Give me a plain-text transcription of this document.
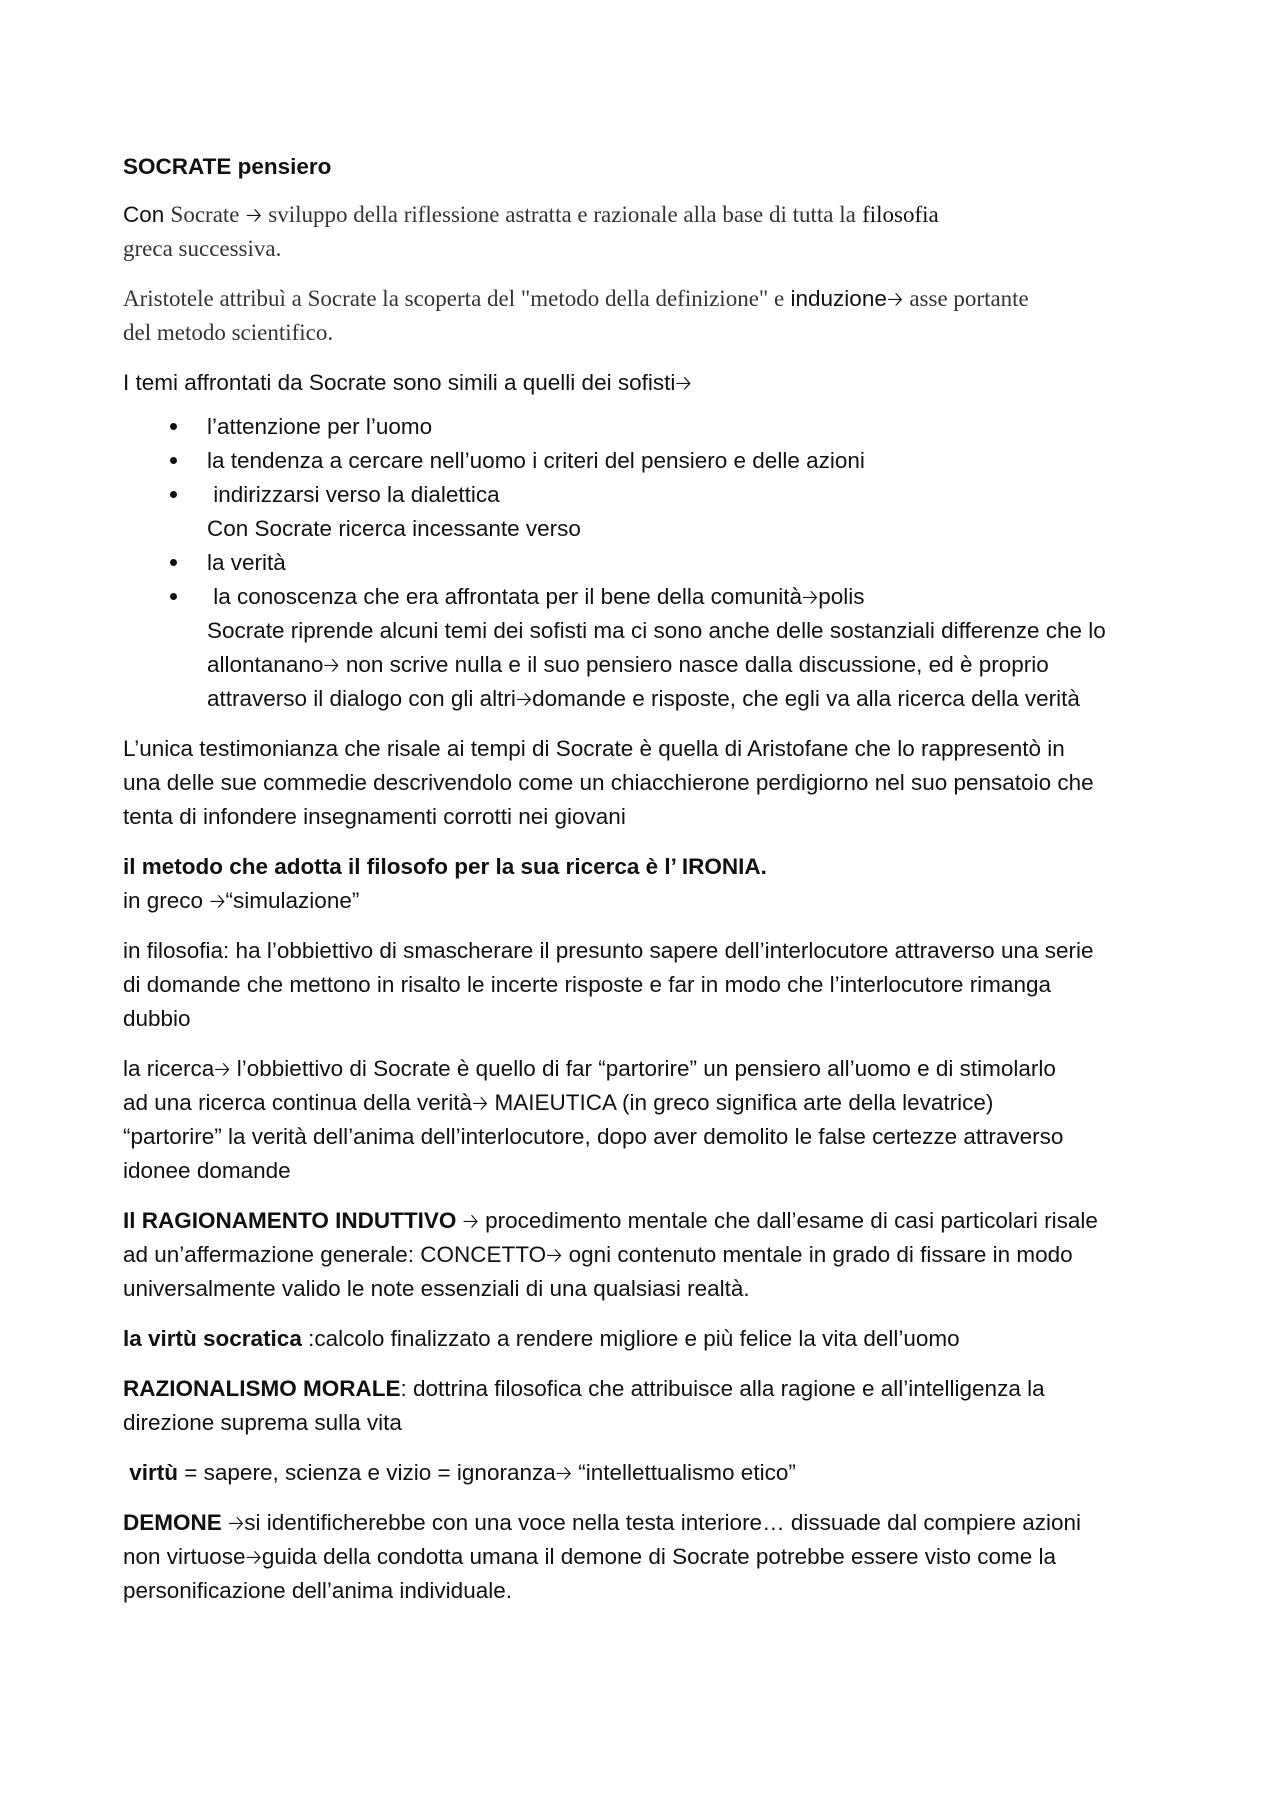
SOCRATE pensiero
Con Socrate 🡢 sviluppo della riflessione astratta e razionale alla base di tutta la filosofia
greca successiva.
Aristotele attribuì a Socrate la scoperta del "metodo della definizione" e induzione🡢 asse portante
del metodo scientifico.
I temi affrontati da Socrate sono simili a quelli dei sofisti🡢
l’attenzione per l’uomo
la tendenza a cercare nell’uomo i criteri del pensiero e delle azioni
indirizzarsi verso la dialettica
Con Socrate ricerca incessante verso
la verità
la conoscenza che era affrontata per il bene della comunità🡢polis
Socrate riprende alcuni temi dei sofisti ma ci sono anche delle sostanziali differenze che lo
allontanano🡢 non scrive nulla e il suo pensiero nasce dalla discussione, ed è proprio
attraverso il dialogo con gli altri🡢domande e risposte, che egli va alla ricerca della verità
L’unica testimonianza che risale ai tempi di Socrate è quella di Aristofane che lo rappresentò in
una delle sue commedie descrivendolo come un chiacchierone perdigiorno nel suo pensatoio che
tenta di infondere insegnamenti corrotti nei giovani
il metodo che adotta il filosofo per la sua ricerca è l’ IRONIA.
in greco 🡢“simulazione”
in filosofia: ha l’obbiettivo di smascherare il presunto sapere dell’interlocutore attraverso una serie
di domande che mettono in risalto le incerte risposte e far in modo che l’interlocutore rimanga
dubbio
la ricerca🡢 l’obbiettivo di Socrate è quello di far “partorire” un pensiero all’uomo e di stimolarlo
ad una ricerca continua della verità🡢 MAIEUTICA (in greco significa arte della levatrice)
“partorire” la verità dell’anima dell’interlocutore, dopo aver demolito le false certezze attraverso
idonee domande
Il RAGIONAMENTO INDUTTIVO 🡢 procedimento mentale che dall’esame di casi particolari risale
ad un’affermazione generale: CONCETTO🡢 ogni contenuto mentale in grado di fissare in modo
universalmente valido le note essenziali di una qualsiasi realtà.
la virtù socratica :calcolo finalizzato a rendere migliore e più felice la vita dell’uomo
RAZIONALISMO MORALE: dottrina filosofica che attribuisce alla ragione e all’intelligenza la
direzione suprema sulla vita
virtù = sapere, scienza e vizio = ignoranza🡢 “intellettualismo etico”
DEMONE 🡢si identificherebbe con una voce nella testa interiore… dissuade dal compiere azioni
non virtuose🡢guida della condotta umana il demone di Socrate potrebbe essere visto come la
personificazione dell’anima individuale.
